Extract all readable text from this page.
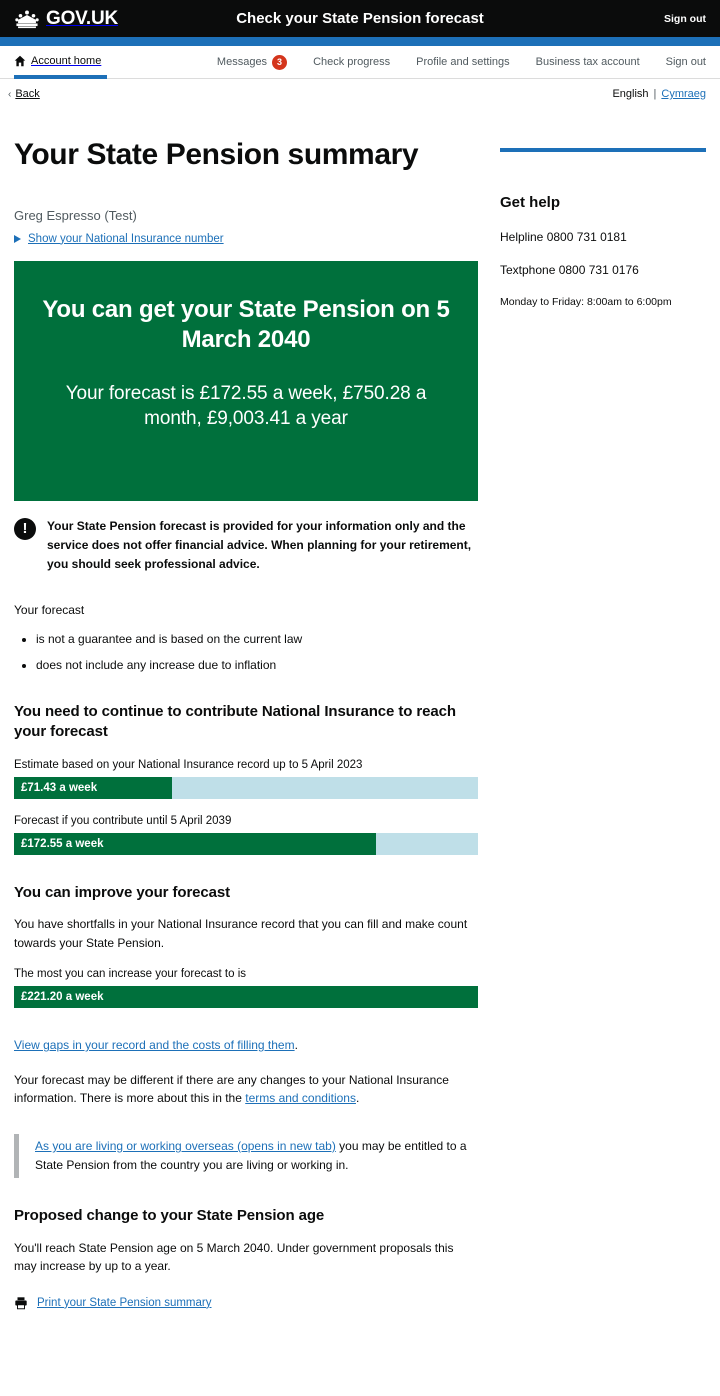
GOV.UK	Check your State Pension forecast	Sign out
Account home	Messages	3	Check progress Profile and settings Business tax account Sign out
‹ Back	English | Cymraeg
Your State Pension summary
Greg Espresso (Test)
Show your National Insurance number
You can get your State Pension on 5 March 2040
Your forecast is £172.55 a week, £750.28 a month, £9,003.41 a year
!	Your State Pension forecast is provided for your information only and the service does not offer financial advice. When planning for your retirement, you should seek professional advice.
Your forecast
• is not a guarantee and is based on the current law
• does not include any increase due to inflation
You need to continue to contribute National Insurance to reach your forecast
Estimate based on your National Insurance record up to 5 April 2023
£71.43 a week
Forecast if you contribute until 5 April 2039
£172.55 a week
You can improve your forecast
You have shortfalls in your National Insurance record that you can fill and make count towards your State Pension.
The most you can increase your forecast to is
£221.20 a week
View gaps in your record and the costs of filling them.
Your forecast may be different if there are any changes to your National Insurance information. There is more about this in the terms and conditions.
As you are living or working overseas (opens in new tab) you may be entitled to a State Pension from the country you are living or working in.
Proposed change to your State Pension age
You'll reach State Pension age on 5 March 2040. Under government proposals this may increase by up to a year.
Print your State Pension summary
Get help
Helpline 0800 731 0181
Textphone 0800 731 0176
Monday to Friday: 8:00am to 6:00pm
